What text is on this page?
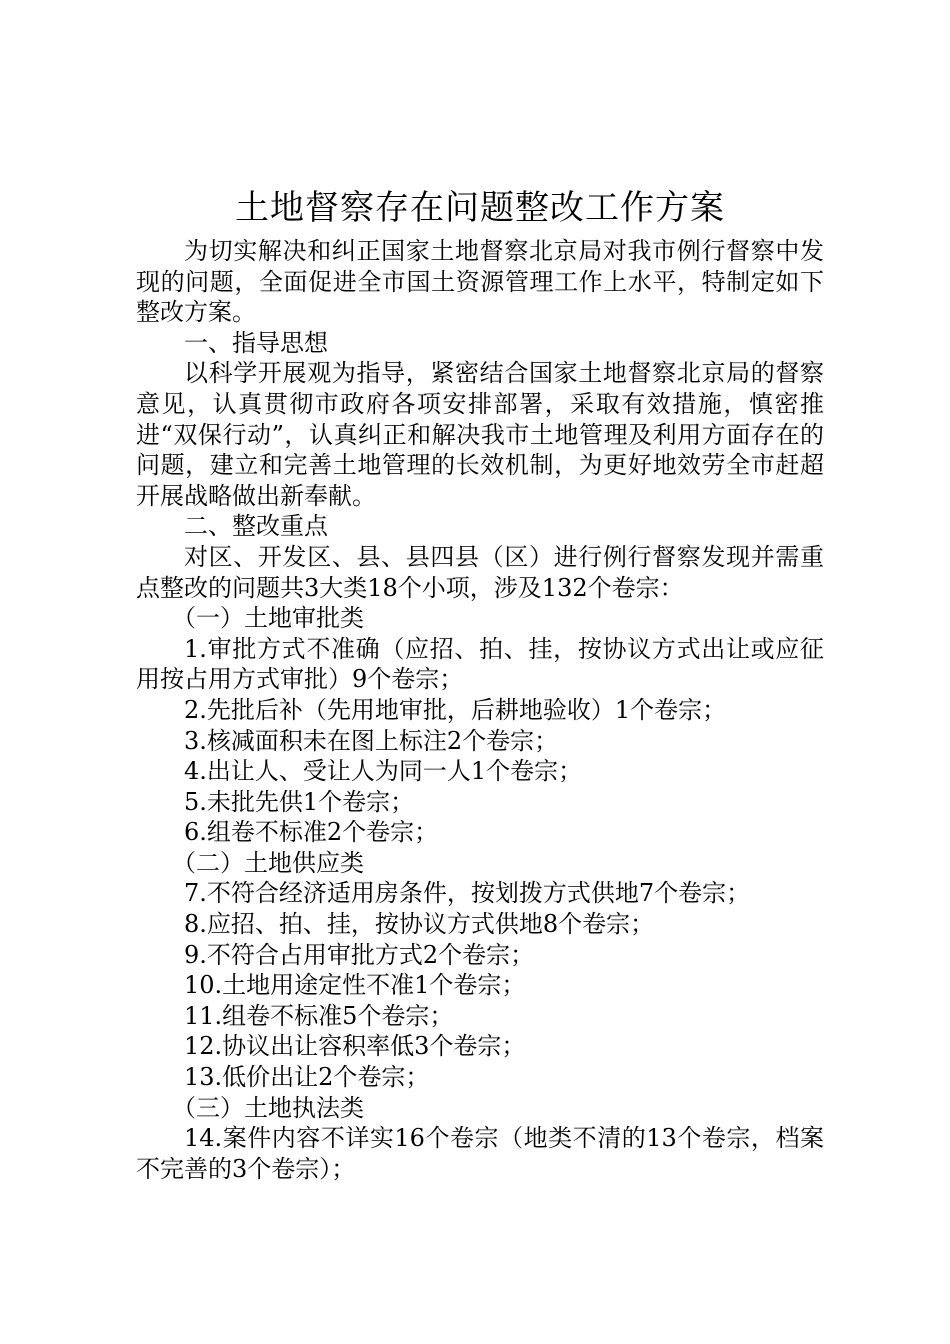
土地督察存在问题整改工作方案

为切实解决和纠正国家土地督察北京局对我市例行督察中发现的问题，全面促进全市国土资源管理工作上水平，特制定如下整改方案。

一、指导思想

以科学开展观为指导，紧密结合国家土地督察北京局的督察意见，认真贯彻市政府各项安排部署，采取有效措施，慎密推进“双保行动”，认真纠正和解决我市土地管理及利用方面存在的问题，建立和完善土地管理的长效机制，为更好地效劳全市赶超开展战略做出新奉献。

二、整改重点

对区、开发区、县、县四县（区）进行例行督察发现并需重点整改的问题共3大类18个小项，涉及132个卷宗：

（一）土地审批类

1.审批方式不准确（应招、拍、挂，按协议方式出让或应征用按占用方式审批）9个卷宗；

2.先批后补（先用地审批，后耕地验收）1个卷宗；

3.核减面积未在图上标注2个卷宗；

4.出让人、受让人为同一人1个卷宗；

5.未批先供1个卷宗；

6.组卷不标准2个卷宗；

（二）土地供应类

7.不符合经济适用房条件，按划拨方式供地7个卷宗；

8.应招、拍、挂，按协议方式供地8个卷宗；

9.不符合占用审批方式2个卷宗；

10.土地用途定性不准1个卷宗；

11.组卷不标准5个卷宗；

12.协议出让容积率低3个卷宗；

13.低价出让2个卷宗；

（三）土地执法类

14.案件内容不详实16个卷宗（地类不清的13个卷宗，档案不完善的3个卷宗）；
